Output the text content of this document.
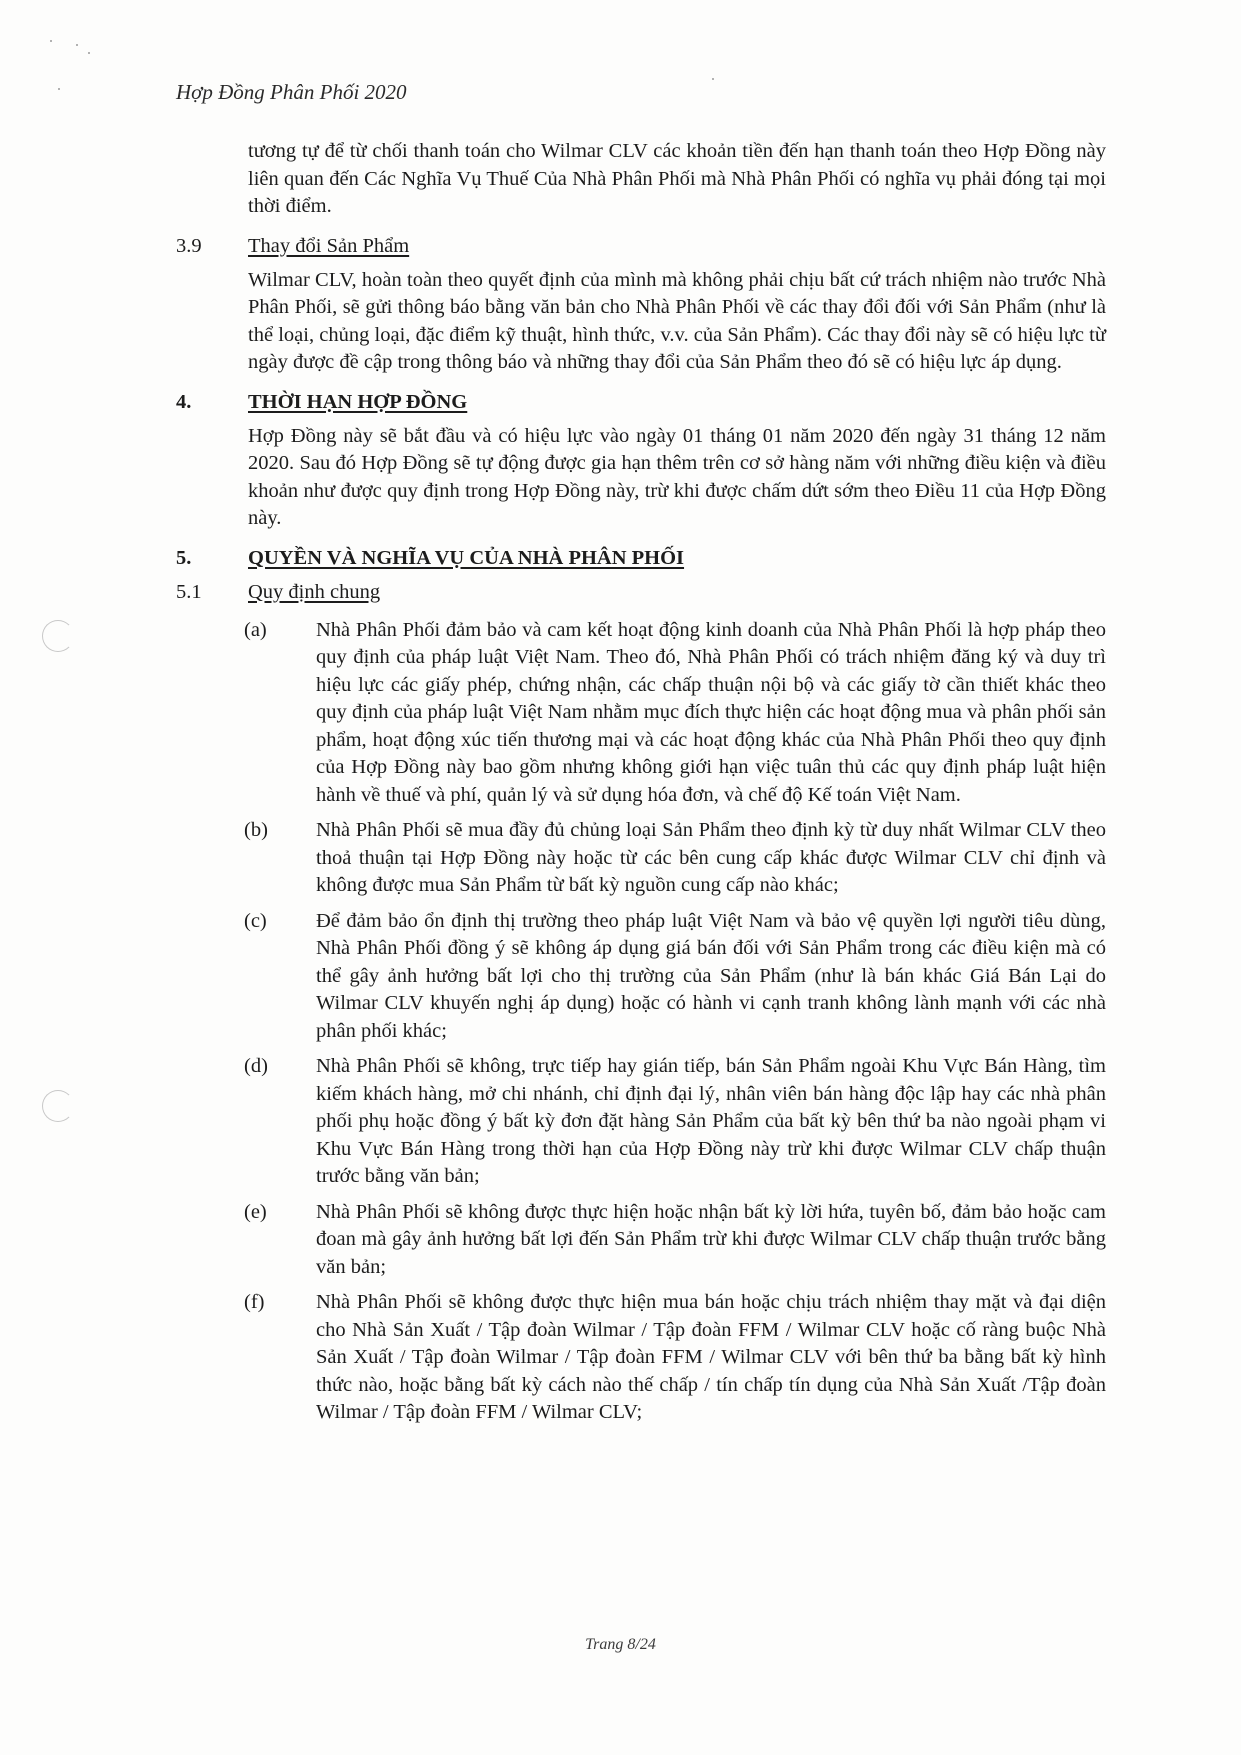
Hợp Đồng Phân Phối 2020

tương tự để từ chối thanh toán cho Wilmar CLV các khoản tiền đến hạn thanh toán theo Hợp Đồng này liên quan đến Các Nghĩa Vụ Thuế Của Nhà Phân Phối mà Nhà Phân Phối có nghĩa vụ phải đóng tại mọi thời điểm.

3.9 Thay đổi Sản Phẩm

Wilmar CLV, hoàn toàn theo quyết định của mình mà không phải chịu bất cứ trách nhiệm nào trước Nhà Phân Phối, sẽ gửi thông báo bằng văn bản cho Nhà Phân Phối về các thay đổi đối với Sản Phẩm (như là thể loại, chủng loại, đặc điểm kỹ thuật, hình thức, v.v. của Sản Phẩm). Các thay đổi này sẽ có hiệu lực từ ngày được đề cập trong thông báo và những thay đổi của Sản Phẩm theo đó sẽ có hiệu lực áp dụng.

4.	THỜI HẠN HỢP ĐỒNG

Hợp Đồng này sẽ bắt đầu và có hiệu lực vào ngày 01 tháng 01 năm 2020 đến ngày 31 tháng 12 năm 2020. Sau đó Hợp Đồng sẽ tự động được gia hạn thêm trên cơ sở hàng năm với những điều kiện và điều khoản như được quy định trong Hợp Đồng này, trừ khi được chấm dứt sớm theo Điều 11 của Hợp Đồng này.

5.	QUYỀN VÀ NGHĨA VỤ CỦA NHÀ PHÂN PHỐI
5.1 Quy định chung
(a) Nhà Phân Phối đảm bảo và cam kết hoạt động kinh doanh của Nhà Phân Phối là hợp pháp theo quy định của pháp luật Việt Nam. Theo đó, Nhà Phân Phối có trách nhiệm đăng ký và duy trì hiệu lực các giấy phép, chứng nhận, các chấp thuận nội bộ và các giấy tờ cần thiết khác theo quy định của pháp luật Việt Nam nhằm mục đích thực hiện các hoạt động mua và phân phối sản phẩm, hoạt động xúc tiến thương mại và các hoạt động khác của Nhà Phân Phối theo quy định của Hợp Đồng này bao gồm nhưng không giới hạn việc tuân thủ các quy định pháp luật hiện hành về thuế và phí, quản lý và sử dụng hóa đơn, và chế độ Kế toán Việt Nam.
(b) Nhà Phân Phối sẽ mua đầy đủ chủng loại Sản Phẩm theo định kỳ từ duy nhất Wilmar CLV theo thoả thuận tại Hợp Đồng này hoặc từ các bên cung cấp khác được Wilmar CLV chỉ định và không được mua Sản Phẩm từ bất kỳ nguồn cung cấp nào khác;
(c) Để đảm bảo ổn định thị trường theo pháp luật Việt Nam và bảo vệ quyền lợi người tiêu dùng, Nhà Phân Phối đồng ý sẽ không áp dụng giá bán đối với Sản Phẩm trong các điều kiện mà có thể gây ảnh hưởng bất lợi cho thị trường của Sản Phẩm (như là bán khác Giá Bán Lại do Wilmar CLV khuyến nghị áp dụng) hoặc có hành vi cạnh tranh không lành mạnh với các nhà phân phối khác;
(d) Nhà Phân Phối sẽ không, trực tiếp hay gián tiếp, bán Sản Phẩm ngoài Khu Vực Bán Hàng, tìm kiếm khách hàng, mở chi nhánh, chỉ định đại lý, nhân viên bán hàng độc lập hay các nhà phân phối phụ hoặc đồng ý bất kỳ đơn đặt hàng Sản Phẩm của bất kỳ bên thứ ba nào ngoài phạm vi Khu Vực Bán Hàng trong thời hạn của Hợp Đồng này trừ khi được Wilmar CLV chấp thuận trước bằng văn bản;
(e) Nhà Phân Phối sẽ không được thực hiện hoặc nhận bất kỳ lời hứa, tuyên bố, đảm bảo hoặc cam đoan mà gây ảnh hưởng bất lợi đến Sản Phẩm trừ khi được Wilmar CLV chấp thuận trước bằng văn bản;
(f)	Nhà Phân Phối sẽ không được thực hiện mua bán hoặc chịu trách nhiệm thay mặt và đại diện cho Nhà Sản Xuất / Tập đoàn Wilmar / Tập đoàn FFM / Wilmar CLV hoặc cố ràng buộc Nhà Sản Xuất / Tập đoàn Wilmar / Tập đoàn FFM / Wilmar CLV với bên thứ ba bằng bất kỳ hình thức nào, hoặc bằng bất kỳ cách nào thế chấp / tín chấp tín dụng của Nhà Sản Xuất /Tập đoàn Wilmar / Tập đoàn FFM / Wilmar CLV;
Trang 8/24
